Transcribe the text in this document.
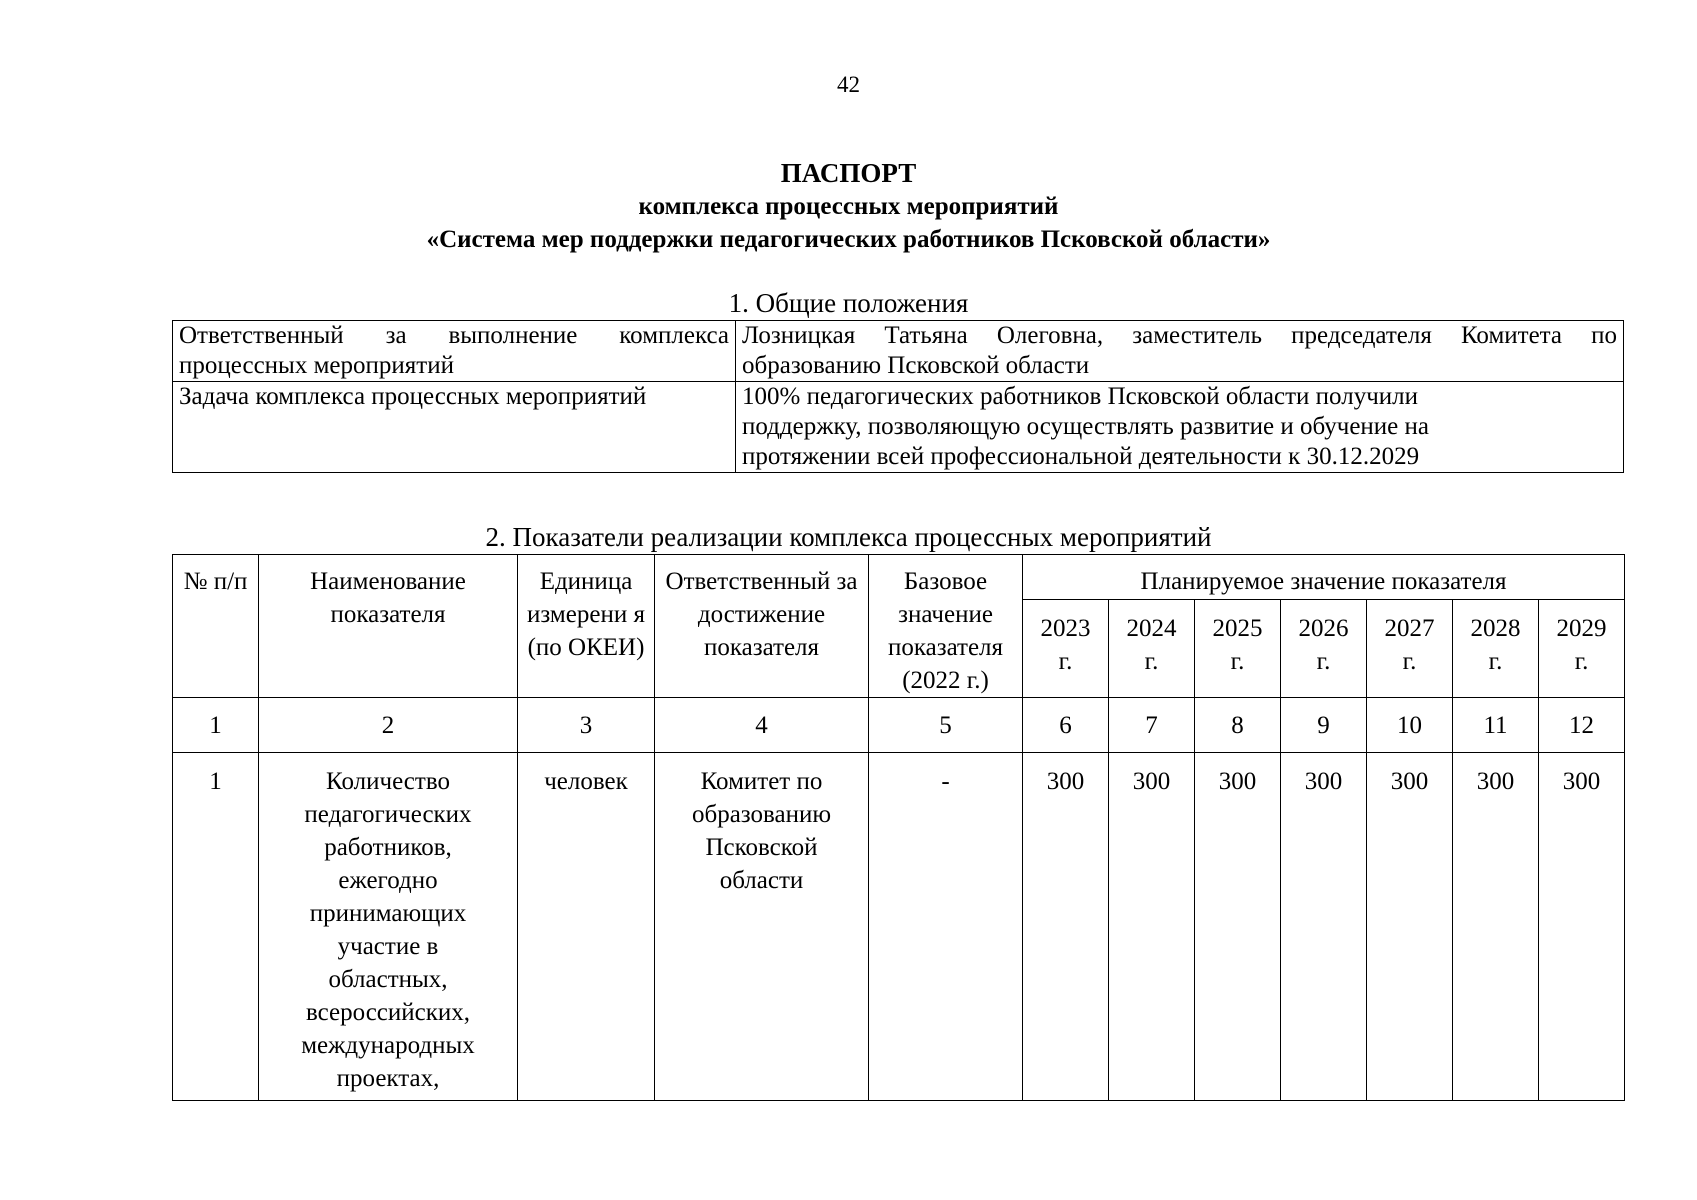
42
ПАСПОРТ
комплекса процессных мероприятий
«Система мер поддержки педагогических работников Псковской области»
1. Общие положения
Ответственный за выполнение комплекса
процессных мероприятий	Лозницкая Татьяна Олеговна, заместитель председателя Комитета по
образованию Псковской области
Задача комплекса процессных мероприятий	100% педагогических работников Псковской области получили
поддержку, позволяющую осуществлять развитие и обучение на
протяжении всей профессиональной деятельности к 30.12.2029
2. Показатели реализации комплекса процессных мероприятий
№ п/п	Наименование показателя	Единица измерени я (по ОКЕИ)	Ответственный за достижение показателя	Базовое значение показателя (2022 г.)	Планируемое значение показателя						
					2023 г.	2024 г.	2025 г.	2026 г.	2027 г.	2028 г.	2029 г.
1	2	3	4	5	6	7	8	9	10	11	12
1	Количество педагогических работников, ежегодно принимающих участие в областных, всероссийских, международных проектах,	человек	Комитет по образованию Псковской области	-	300	300	300	300	300	300	300
